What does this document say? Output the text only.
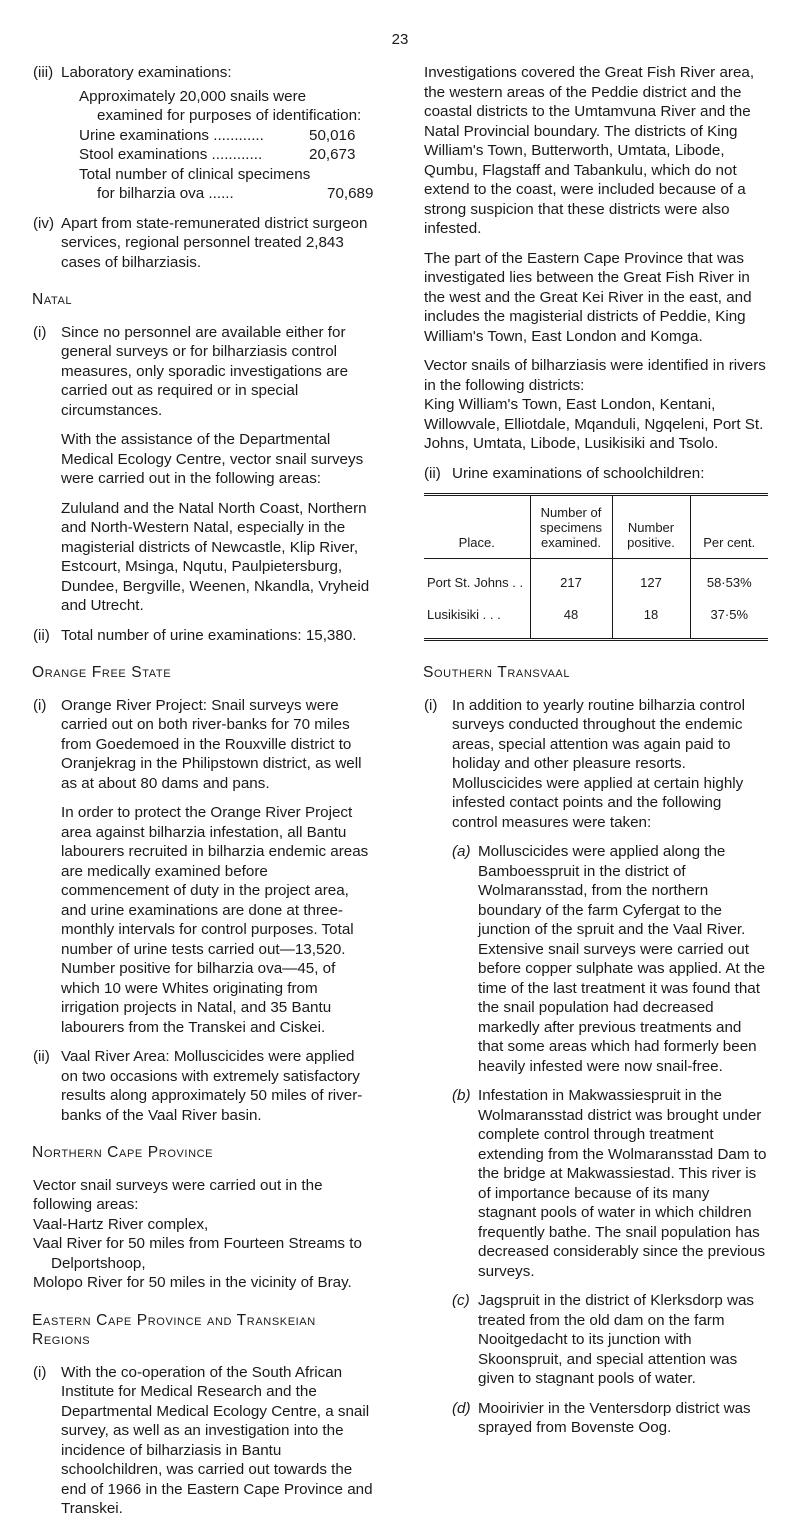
23
(iii) Laboratory examinations:

Approximately 20,000 snails were examined for purposes of identification:

Urine examinations ............	50,016
Stool examinations ............	20,673
Total number of clinical specimens for bilharzia ova ......	70,689
(iv) Apart from state-remunerated district surgeon services, regional personnel treated 2,843 cases of bilharziasis.

Natal
(i) Since no personnel are available either for general surveys or for bilharziasis control measures, only sporadic investigations are carried out as required or in special circumstances.

With the assistance of the Departmental Medical Ecology Centre, vector snail surveys were carried out in the following areas:

Zululand and the Natal North Coast, Northern and North-Western Natal, especially in the magisterial districts of Newcastle, Klip River, Estcourt, Msinga, Nqutu, Paulpietersburg, Dundee, Bergville, Weenen, Nkandla, Vryheid and Utrecht.

(ii) Total number of urine examinations: 15,380.

Orange Free State
(i) Orange River Project: Snail surveys were carried out on both river-banks for 70 miles from Goedemoed in the Rouxville district to Oranjekrag in the Philipstown district, as well as at about 80 dams and pans.

In order to protect the Orange River Project area against bilharzia infestation, all Bantu labourers recruited in bilharzia endemic areas are medically examined before commencement of duty in the project area, and urine examinations are done at three-monthly intervals for control purposes. Total number of urine tests carried out—13,520. Number positive for bilharzia ova—45, of which 10 were Whites originating from irrigation projects in Natal, and 35 Bantu labourers from the Transkei and Ciskei.

(ii) Vaal River Area: Molluscicides were applied on two occasions with extremely satisfactory results along approximately 50 miles of river-banks of the Vaal River basin.

Northern Cape Province

Vector snail surveys were carried out in the following areas:

Vaal-Hartz River complex,

Vaal River for 50 miles from Fourteen Streams to Delportshoop,

Molopo River for 50 miles in the vicinity of Bray.

Eastern Cape Province and Transkeian Regions
(i) With the co-operation of the South African Institute for Medical Research and the Departmental Medical Ecology Centre, a snail survey, as well as an investigation into the incidence of bilharziasis in Bantu schoolchildren, was carried out towards the end of 1966 in the Eastern Cape Province and Transkei.

Investigations covered the Great Fish River area, the western areas of the Peddie district and the coastal districts to the Umtamvuna River and the Natal Provincial boundary. The districts of King William's Town, Butterworth, Umtata, Libode, Qumbu, Flagstaff and Tabankulu, which do not extend to the coast, were included because of a strong suspicion that these districts were also infested.

The part of the Eastern Cape Province that was investigated lies between the Great Fish River in the west and the Great Kei River in the east, and includes the magisterial districts of Peddie, King William's Town, East London and Komga.

Vector snails of bilharziasis were identified in rivers in the following districts:

King William's Town, East London, Kentani, Willowvale, Elliotdale, Mqanduli, Ngqeleni, Port St. Johns, Umtata, Libode, Lusikisiki and Tsolo.

(ii) Urine examinations of schoolchildren:

Place.	Number of specimens examined.	Number positive.	Per cent.
Port St. Johns . .	217	127	58·53%
Lusikisiki . . .	48	18	37·5%
Southern Transvaal
(i) In addition to yearly routine bilharzia control surveys conducted throughout the endemic areas, special attention was again paid to holiday and other pleasure resorts. Molluscicides were applied at certain highly infested contact points and the following control measures were taken:

(a) Molluscicides were applied along the Bamboesspruit in the district of Wolmaransstad, from the northern boundary of the farm Cyfergat to the junction of the spruit and the Vaal River. Extensive snail surveys were carried out before copper sulphate was applied. At the time of the last treatment it was found that the snail population had decreased markedly after previous treatments and that some areas which had formerly been heavily infested were now snail-free.
(b) Infestation in Makwassiespruit in the Wolmaransstad district was brought under complete control through treatment extending from the Wolmaransstad Dam to the bridge at Makwassiestad. This river is of importance because of its many stagnant pools of water in which children frequently bathe. The snail population has decreased considerably since the previous surveys.
(c) Jagspruit in the district of Klerksdorp was treated from the old dam on the farm Nooitgedacht to its junction with Skoonspruit, and special attention was given to stagnant pools of water.
(d) Mooirivier in the Ventersdorp district was sprayed from Bovenste Oog.
